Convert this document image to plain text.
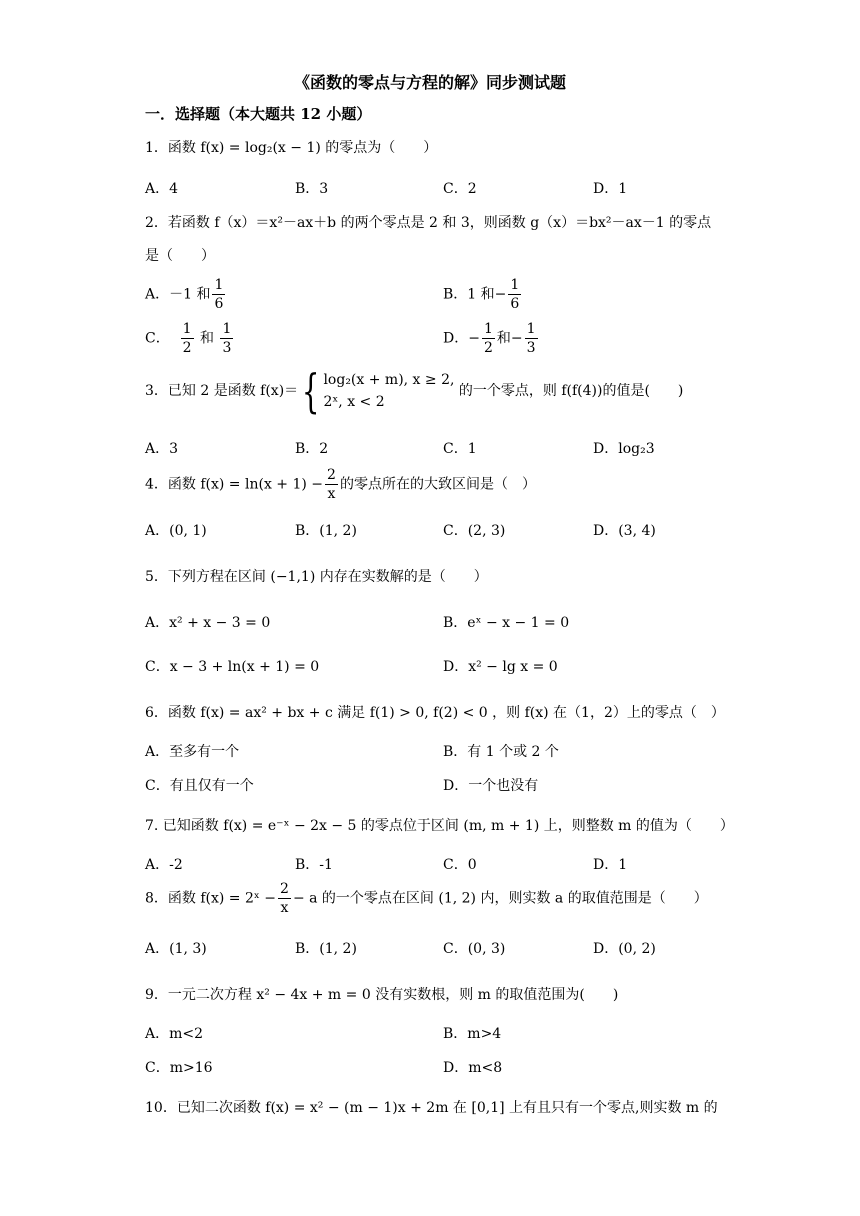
《函数的零点与方程的解》同步测试题
一．选择题（本大题共 12 小题）
1．函数 f(x) = log₂(x − 1) 的零点为（　　）
A．4	B．3	C．2	D．1
2．若函数 f（x）＝x²－ax＋b 的两个零点是 2 和 3，则函数 g（x）＝bx²－ax－1 的零点
是（　　）
A．－1 和 $\frac{1}{6}$	B．1 和− $\frac{1}{6}$
C． $\frac{1}{2}$ 和 $\frac{1}{3}$	D．− $\frac{1}{2}$ 和− $\frac{1}{3}$
3．已知 2 是函数 f(x)＝{ log₂(x + m), x ≥ 2,
2ˣ, x < 2
的一个零点，则 f(f(4))的值是(　　)
A．3	B．2	C．1	D．log₂3
4．函数 $f(x) = \ln(x + 1) - \frac{2}{x}$ 的零点所在的大致区间是（　）
A．(0, 1)	B．(1, 2)	C．(2, 3)	D．(3, 4)
5．下列方程在区间 (−1,1) 内存在实数解的是（　　）
A．x² + x − 3 = 0	B．eˣ − x − 1 = 0
C．x − 3 + ln(x + 1) = 0	D．x² − lg x = 0
6．函数 f(x) = ax² + bx + c 满足 f(1) > 0, f(2) < 0 ，则 f(x) 在（1，2）上的零点（　）
A．至多有一个	B．有 1 个或 2 个
C．有且仅有一个	D．一个也没有
7. 已知函数 f(x) = e⁻ˣ − 2x − 5 的零点位于区间 (m, m + 1) 上，则整数 m 的值为（　　）
A．-2	B．-1	C．0	D．1
8．函数 f(x) = 2ˣ − $\frac{2}{x} - a$ 的一个零点在区间 (1, 2) 内，则实数 a 的取值范围是（　　）
A．(1, 3)	B．(1, 2)	C．(0, 3)	D．(0, 2)
9．一元二次方程 x² − 4x + m = 0 没有实数根，则 m 的取值范围为(　　)
A．m<2	B．m>4
C．m>16	D．m<8
10．已知二次函数 f(x) = x² − (m − 1)x + 2m 在 [0,1] 上有且只有一个零点,则实数 m 的
